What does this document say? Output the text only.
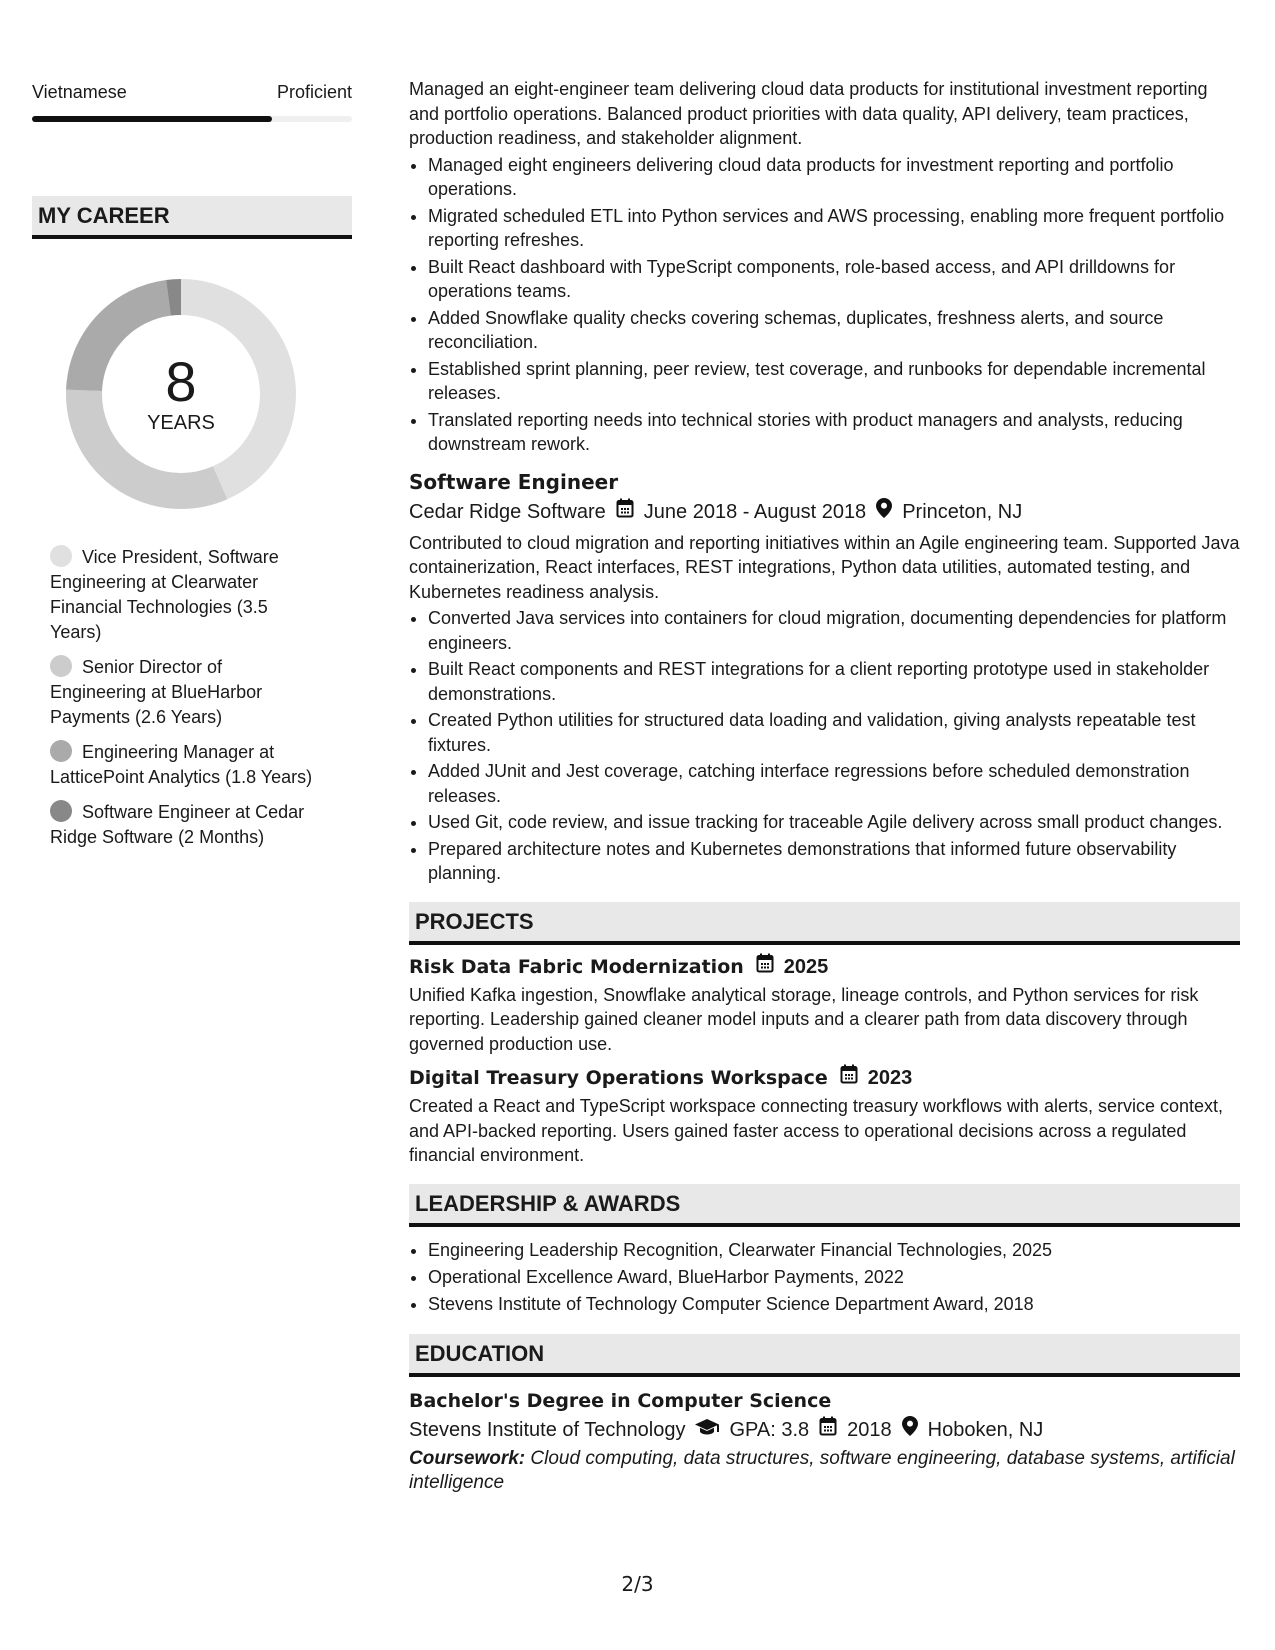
Vietnamese	Proficient
MY CAREER
8
YEARS
Vice President, Software Engineering at Clearwater Financial Technologies (3.5 Years)
Senior Director of Engineering at BlueHarbor Payments (2.6 Years)
Engineering Manager at LatticePoint Analytics (1.8 Years)
Software Engineer at Cedar Ridge Software (2 Months)

Managed an eight-engineer team delivering cloud data products for institutional investment reporting and portfolio operations. Balanced product priorities with data quality, API delivery, team practices, production readiness, and stakeholder alignment.

• Managed eight engineers delivering cloud data products for investment reporting and portfolio operations.
• Migrated scheduled ETL into Python services and AWS processing, enabling more frequent portfolio reporting refreshes.
• Built React dashboard with TypeScript components, role-based access, and API drilldowns for operations teams.
• Added Snowflake quality checks covering schemas, duplicates, freshness alerts, and source reconciliation.
• Established sprint planning, peer review, test coverage, and runbooks for dependable incremental releases.
• Translated reporting needs into technical stories with product managers and analysts, reducing downstream rework.
Software Engineer
Cedar Ridge Software June 2018 - August 2018 Princeton, NJ

Contributed to cloud migration and reporting initiatives within an Agile engineering team. Supported Java containerization, React interfaces, REST integrations, Python data utilities, automated testing, and Kubernetes readiness analysis.

• Converted Java services into containers for cloud migration, documenting dependencies for platform engineers.
• Built React components and REST integrations for a client reporting prototype used in stakeholder demonstrations.
• Created Python utilities for structured data loading and validation, giving analysts repeatable test fixtures.
• Added JUnit and Jest coverage, catching interface regressions before scheduled demonstration releases.
• Used Git, code review, and issue tracking for traceable Agile delivery across small product changes.
• Prepared architecture notes and Kubernetes demonstrations that informed future observability planning.
PROJECTS
Risk Data Fabric Modernization 2025

Unified Kafka ingestion, Snowflake analytical storage, lineage controls, and Python services for risk reporting. Leadership gained cleaner model inputs and a clearer path from data discovery through governed production use.

Digital Treasury Operations Workspace 2023

Created a React and TypeScript workspace connecting treasury workflows with alerts, service context, and API-backed reporting. Users gained faster access to operational decisions across a regulated financial environment.

LEADERSHIP & AWARDS
• Engineering Leadership Recognition, Clearwater Financial Technologies, 2025
• Operational Excellence Award, BlueHarbor Payments, 2022
• Stevens Institute of Technology Computer Science Department Award, 2018
EDUCATION
Bachelor's Degree in Computer Science
Stevens Institute of Technology GPA: 3.8 2018 Hoboken, NJ
Coursework: Cloud computing, data structures, software engineering, database systems, artificial intelligence
2/3
